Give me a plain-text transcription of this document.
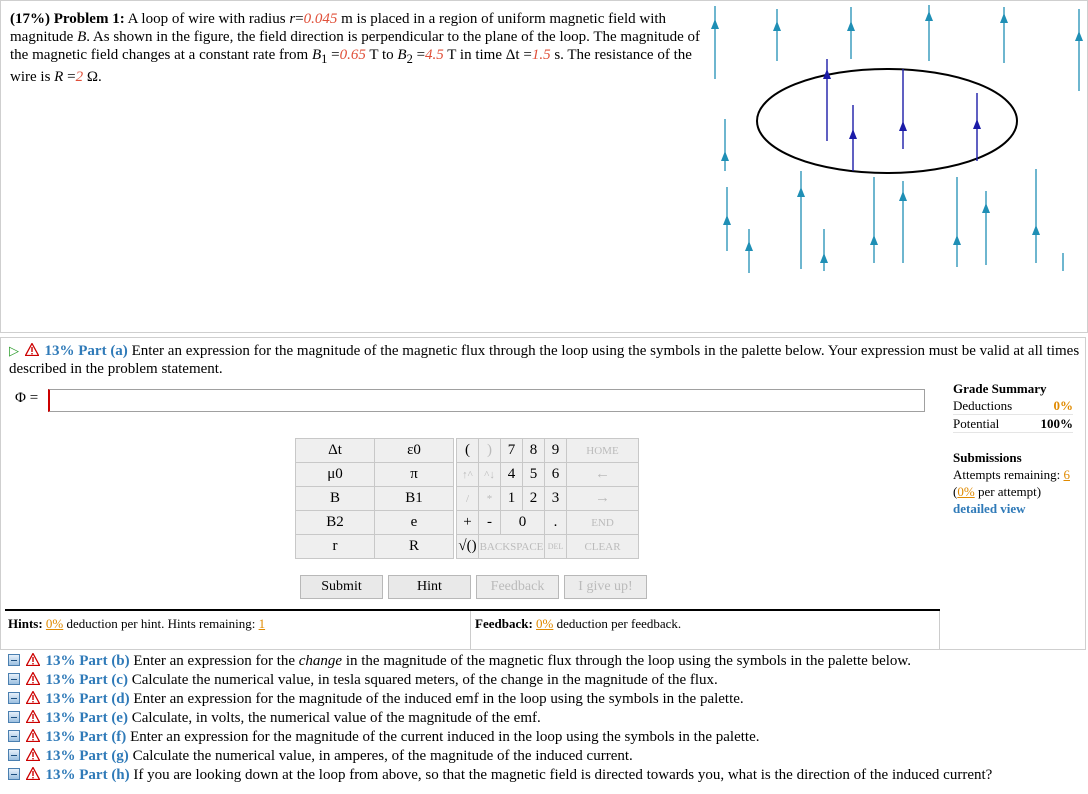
(17%) Problem 1: A loop of wire with radius r=0.045 m is placed in a region of uniform magnetic field with magnitude B. As shown in the figure, the field direction is perpendicular to the plane of the loop. The magnitude of the magnetic field changes at a constant rate from $B_1 =0.65$ T to $B_2 =4.5$ T in time Δt =1.5 s. The resistance of the wire is R =2 Ω.
▷ 13% Part (a) Enter an expression for the magnitude of the magnetic flux through the loop using the symbols in the palette below. Your expression must be valid at all times described in the problem statement.
Φ =
Δt	ε0
μ0	π
B	B1
B2	e
r	R
(	)	7	8	9	HOME
↑^	^↓	4	5	6	←
/	*	1	2	3	→
+	-	0		.	END
√()	BACKSPACE			DEL	CLEAR
Submit	Hint	Feedback	I give up!
Grade Summary
Deductions	0%
Potential	100%
Submissions
Attempts remaining: 6
(0% per attempt)
detailed view
Hints: 0% deduction per hint. Hints remaining: 1	Feedback: 0% deduction per feedback.
13% Part (b) Enter an expression for the change in the magnitude of the magnetic flux through the loop using the symbols in the palette below.
13% Part (c) Calculate the numerical value, in tesla squared meters, of the change in the magnitude of the flux.
13% Part (d) Enter an expression for the magnitude of the induced emf in the loop using the symbols in the palette.
13% Part (e) Calculate, in volts, the numerical value of the magnitude of the emf.
13% Part (f) Enter an expression for the magnitude of the current induced in the loop using the symbols in the palette.
13% Part (g) Calculate the numerical value, in amperes, of the magnitude of the induced current.
13% Part (h) If you are looking down at the loop from above, so that the magnetic field is directed towards you, what is the direction of the induced current?
